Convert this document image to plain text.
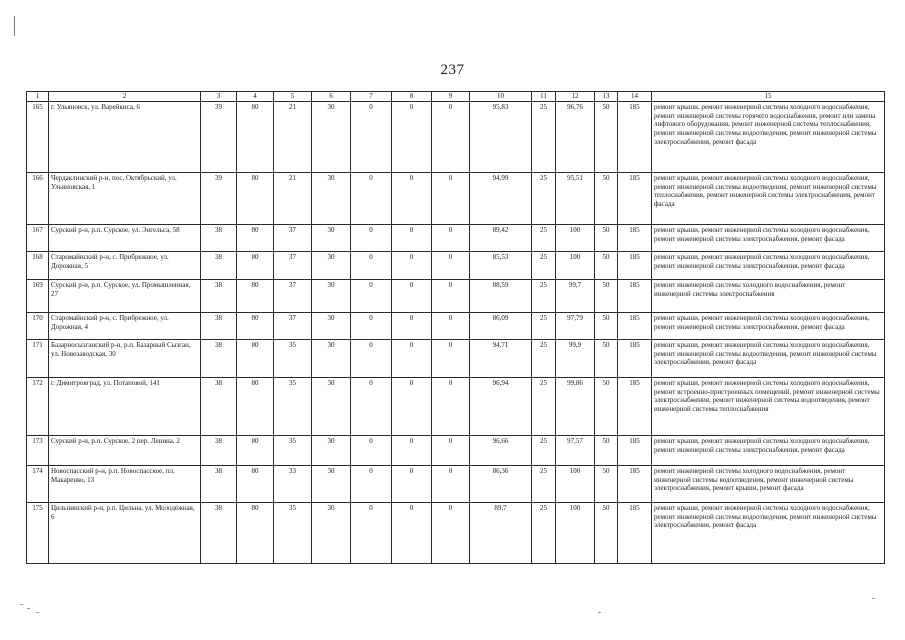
237
1	2	3	4	5	6	7	8	9	10	11	12	13	14	15
165	г. Ульяновск, ул. Варейкиса, 6	39	80	21	30	0	0	0	95,83	25	96,76	50	185	ремонт крыши, ремонт инженерной системы холодного водоснабжения, ремонт инженерной системы горячего водоснабжения, ремонт или замена лифтового оборудования, ремонт инженерной системы теплоснабжения, ремонт инженерной системы водоотведения, ремонт инженерной системы электроснабжения, ремонт фасада
166	Чердаклинский р-н, пос. Октябрьский, ул. Ульяновская, 1	39	80	21	30	0	0	0	94,99	25	95,51	50	185	ремонт крыши, ремонт инженерной системы холодного водоснабжения, ремонт инженерной системы водоотведения, ремонт инженерной системы теплоснабжения, ремонт инженерной системы электроснабжения, ремонт фасада
167	Сурский р-н, р.п. Сурское, ул. Энгельса, 58	38	80	37	30	0	0	0	89,42	25	100	50	185	ремонт крыши, ремонт инженерной системы холодного водоснабжения, ремонт инженерной системы электроснабжения, ремонт фасада
168	Старомайнский р-н, с. Прибрежное, ул. Дорожная, 5	38	80	37	30	0	0	0	85,53	25	100	50	185	ремонт крыши, ремонт инженерной системы холодного водоснабжения, ремонт инженерной системы электроснабжения, ремонт фасада
169	Сурский р-н, р.п. Сурское, ул. Промышленная, 27	38	80	37	30	0	0	0	88,59	25	99,7	50	185	ремонт инженерной системы холодного водоснабжения, ремонт инженерной системы электроснабжения
170	Старомайнский р-н, с. Прибрежное, ул. Дорожная, 4	38	80	37	30	0	0	0	86,09	25	97,79	50	185	ремонт крыши, ремонт инженерной системы холодного водоснабжения, ремонт инженерной системы электроснабжения, ремонт фасада
171	Базарносызганский р-н, р.п. Базарный Сызган, ул. Новозаводская, 30	38	80	35	30	0	0	0	94,71	25	99,9	50	185	ремонт крыши, ремонт инженерной системы холодного водоснабжения, ремонт инженерной системы водоотведения, ремонт инженерной системы электроснабжения, ремонт фасада
172	г. Димитровград, ул. Потаповой, 141	38	80	35	30	0	0	0	96,94	25	99,86	50	185	ремонт крыши, ремонт инженерной системы холодного водоснабжения, ремонт встроенно-пристроенных помещений, ремонт инженерной системы электроснабжения, ремонт инженерной системы водоотведения, ремонт инженерной системы теплоснабжения
173	Сурский р-н, р.п. Сурское, 2 пер. Ленина, 2	38	80	35	30	0	0	0	96,66	25	97,57	50	185	ремонт крыши, ремонт инженерной системы холодного водоснабжения, ремонт инженерной системы электроснабжения, ремонт фасада
174	Новоспасский р-н, р.п. Новоспасское, пл. Макаренко, 13	38	80	33	30	0	0	0	86,36	25	100	50	185	ремонт инженерной системы холодного водоснабжения, ремонт инженерной системы водоотведения, ремонт инженерной системы электроснабжения, ремонт крыши, ремонт фасада
175	Цильнинский р-н, р.п. Цильна, ул. Молодёжная, 6	38	80	35	30	0	0	0	89,7	25	100	50	185	ремонт крыши, ремонт инженерной системы холодного водоснабжения, ремонт инженерной системы водоотведения, ремонт инженерной системы электроснабжения, ремонт фасада
